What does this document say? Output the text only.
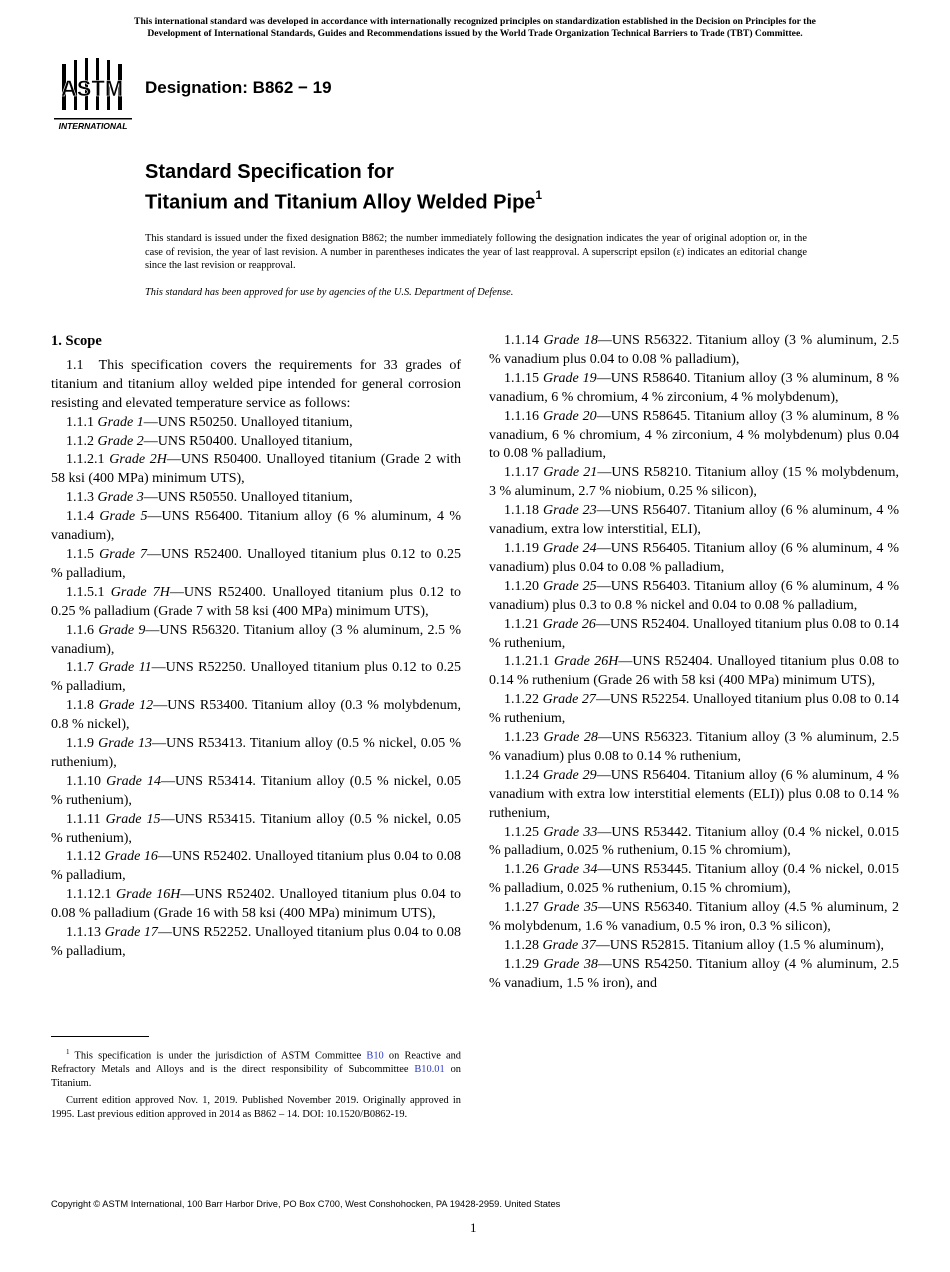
This international standard was developed in accordance with internationally recognized principles on standardization established in the Decision on Principles for the
Development of International Standards, Guides and Recommendations issued by the World Trade Organization Technical Barriers to Trade (TBT) Committee.
ASTM
INTERNATIONAL
Designation: B862 − 19
Standard Specification for
Titanium and Titanium Alloy Welded Pipe$^1$
This standard is issued under the fixed designation B862; the number immediately following the designation indicates the year of original adoption or, in the case of revision, the year of last revision. A number in parentheses indicates the year of last reapproval. A superscript epsilon (ε) indicates an editorial change since the last revision or reapproval.
This standard has been approved for use by agencies of the U.S. Department of Defense.
1. Scope

1.1 This specification covers the requirements for 33 grades of titanium and titanium alloy welded pipe intended for general corrosion resisting and elevated temperature service as follows:

1.1.1 Grade 1—UNS R50250. Unalloyed titanium,

1.1.2 Grade 2—UNS R50400. Unalloyed titanium,

1.1.2.1 Grade 2H—UNS R50400. Unalloyed titanium (Grade 2 with 58 ksi (400 MPa) minimum UTS),

1.1.3 Grade 3—UNS R50550. Unalloyed titanium,

1.1.4 Grade 5—UNS R56400. Titanium alloy (6 % aluminum, 4 % vanadium),

1.1.5 Grade 7—UNS R52400. Unalloyed titanium plus 0.12 to 0.25 % palladium,

1.1.5.1 Grade 7H—UNS R52400. Unalloyed titanium plus 0.12 to 0.25 % palladium (Grade 7 with 58 ksi (400 MPa) minimum UTS),

1.1.6 Grade 9—UNS R56320. Titanium alloy (3 % aluminum, 2.5 % vanadium),

1.1.7 Grade 11—UNS R52250. Unalloyed titanium plus 0.12 to 0.25 % palladium,

1.1.8 Grade 12—UNS R53400. Titanium alloy (0.3 % molybdenum, 0.8 % nickel),

1.1.9 Grade 13—UNS R53413. Titanium alloy (0.5 % nickel, 0.05 % ruthenium),

1.1.10 Grade 14—UNS R53414. Titanium alloy (0.5 % nickel, 0.05 % ruthenium),

1.1.11 Grade 15—UNS R53415. Titanium alloy (0.5 % nickel, 0.05 % ruthenium),

1.1.12 Grade 16—UNS R52402. Unalloyed titanium plus 0.04 to 0.08 % palladium,

1.1.12.1 Grade 16H—UNS R52402. Unalloyed titanium plus 0.04 to 0.08 % palladium (Grade 16 with 58 ksi (400 MPa) minimum UTS),

1.1.13 Grade 17—UNS R52252. Unalloyed titanium plus 0.04 to 0.08 % palladium,

1.1.14 Grade 18—UNS R56322. Titanium alloy (3 % aluminum, 2.5 % vanadium plus 0.04 to 0.08 % palladium),

1.1.15 Grade 19—UNS R58640. Titanium alloy (3 % aluminum, 8 % vanadium, 6 % chromium, 4 % zirconium, 4 % molybdenum),

1.1.16 Grade 20—UNS R58645. Titanium alloy (3 % aluminum, 8 % vanadium, 6 % chromium, 4 % zirconium, 4 % molybdenum) plus 0.04 to 0.08 % palladium,

1.1.17 Grade 21—UNS R58210. Titanium alloy (15 % molybdenum, 3 % aluminum, 2.7 % niobium, 0.25 % silicon),

1.1.18 Grade 23—UNS R56407. Titanium alloy (6 % aluminum, 4 % vanadium, extra low interstitial, ELI),

1.1.19 Grade 24—UNS R56405. Titanium alloy (6 % aluminum, 4 % vanadium) plus 0.04 to 0.08 % palladium,

1.1.20 Grade 25—UNS R56403. Titanium alloy (6 % aluminum, 4 % vanadium) plus 0.3 to 0.8 % nickel and 0.04 to 0.08 % palladium,

1.1.21 Grade 26—UNS R52404. Unalloyed titanium plus 0.08 to 0.14 % ruthenium,

1.1.21.1 Grade 26H—UNS R52404. Unalloyed titanium plus 0.08 to 0.14 % ruthenium (Grade 26 with 58 ksi (400 MPa) minimum UTS),

1.1.22 Grade 27—UNS R52254. Unalloyed titanium plus 0.08 to 0.14 % ruthenium,

1.1.23 Grade 28—UNS R56323. Titanium alloy (3 % aluminum, 2.5 % vanadium) plus 0.08 to 0.14 % ruthenium,

1.1.24 Grade 29—UNS R56404. Titanium alloy (6 % aluminum, 4 % vanadium with extra low interstitial elements (ELI)) plus 0.08 to 0.14 % ruthenium,

1.1.25 Grade 33—UNS R53442. Titanium alloy (0.4 % nickel, 0.015 % palladium, 0.025 % ruthenium, 0.15 % chromium),

1.1.26 Grade 34—UNS R53445. Titanium alloy (0.4 % nickel, 0.015 % palladium, 0.025 % ruthenium, 0.15 % chromium),

1.1.27 Grade 35—UNS R56340. Titanium alloy (4.5 % aluminum, 2 % molybdenum, 1.6 % vanadium, 0.5 % iron, 0.3 % silicon),

1.1.28 Grade 37—UNS R52815. Titanium alloy (1.5 % aluminum),

1.1.29 Grade 38—UNS R54250. Titanium alloy (4 % aluminum, 2.5 % vanadium, 1.5 % iron), and

$^1$ This specification is under the jurisdiction of ASTM Committee B10 on Reactive and Refractory Metals and Alloys and is the direct responsibility of Subcommittee B10.01 on Titanium.

Current edition approved Nov. 1, 2019. Published November 2019. Originally approved in 1995. Last previous edition approved in 2014 as B862 – 14. DOI: 10.1520/B0862-19.

Copyright © ASTM International, 100 Barr Harbor Drive, PO Box C700, West Conshohocken, PA 19428-2959. United States
1
